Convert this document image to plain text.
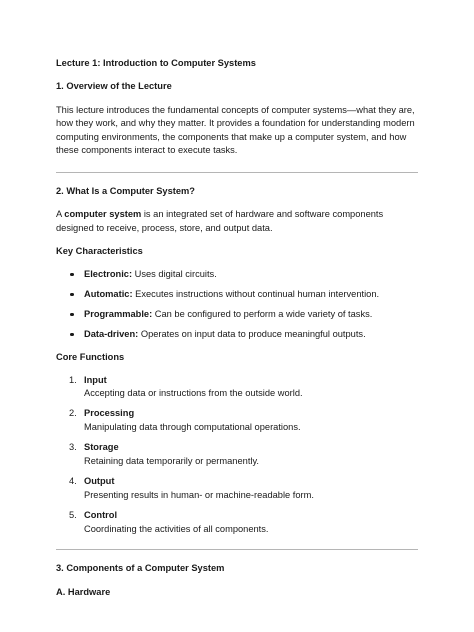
Lecture 1: Introduction to Computer Systems

1. Overview of the Lecture

This lecture introduces the fundamental concepts of computer systems—what they are, how they work, and why they matter. It provides a foundation for understanding modern computing environments, the components that make up a computer system, and how these components interact to execute tasks.

2. What Is a Computer System?

A computer system is an integrated set of hardware and software components designed to receive, process, store, and output data.

Key Characteristics

Electronic: Uses digital circuits.
Automatic: Executes instructions without continual human intervention.
Programmable: Can be configured to perform a wide variety of tasks.
Data-driven: Operates on input data to produce meaningful outputs.

Core Functions

1. Input
Accepting data or instructions from the outside world.
2. Processing
Manipulating data through computational operations.
3. Storage
Retaining data temporarily or permanently.
4. Output
Presenting results in human- or machine-readable form.
5. Control
Coordinating the activities of all components.

3. Components of a Computer System

A. Hardware
